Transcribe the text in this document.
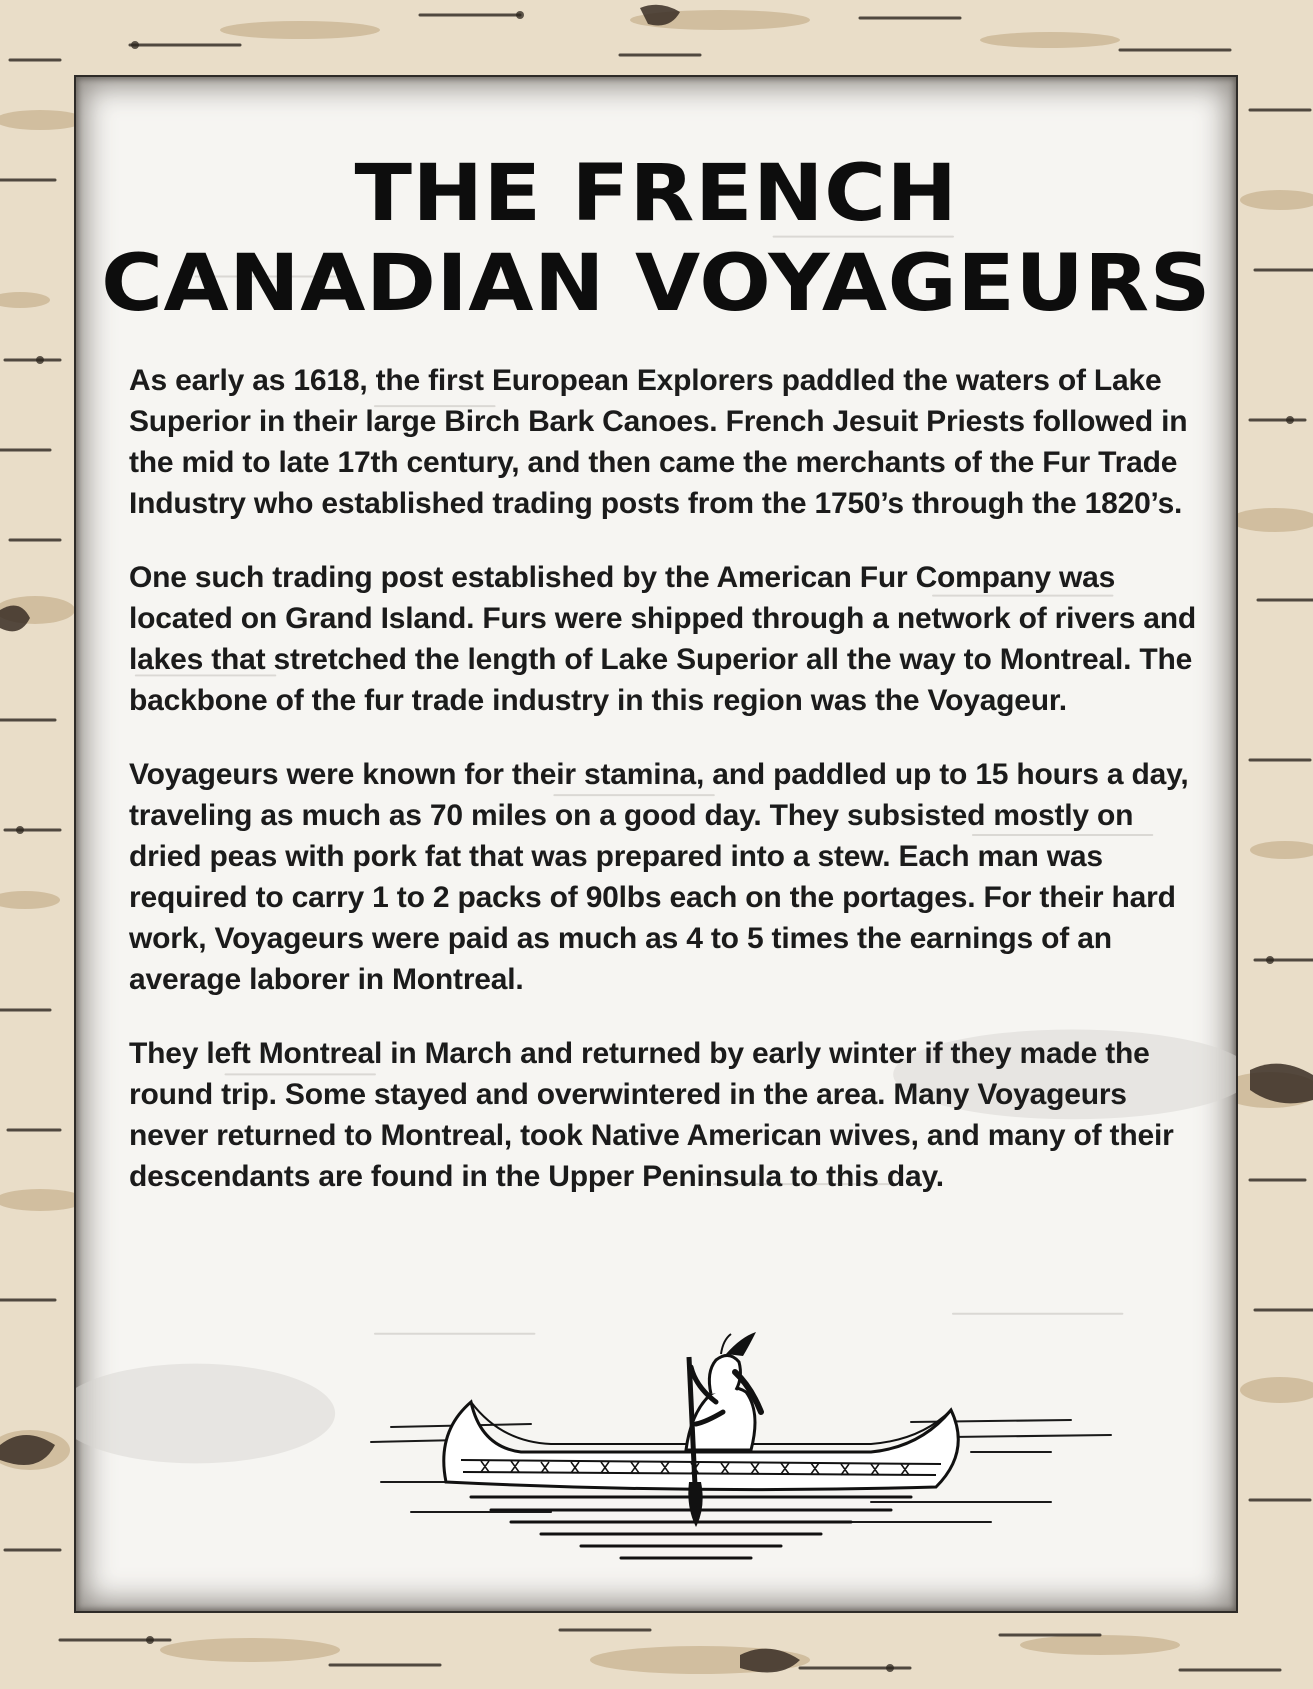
THE FRENCH
CANADIAN VOYAGEURS

As early as 1618, the first European Explorers paddled the waters of Lake Superior in their large Birch Bark Canoes. French Jesuit Priests followed in the mid to late 17th century, and then came the merchants of the Fur Trade Industry who established trading posts from the 1750’s through the 1820’s.

One such trading post established by the American Fur Company was located on Grand Island. Furs were shipped through a network of rivers and lakes that stretched the length of Lake Superior all the way to Montreal. The backbone of the fur trade industry in this region was the Voyageur.

Voyageurs were known for their stamina, and paddled up to 15 hours a day, traveling as much as 70 miles on a good day. They subsisted mostly on dried peas with pork fat that was prepared into a stew. Each man was required to carry 1 to 2 packs of 90lbs each on the portages. For their hard work, Voyageurs were paid as much as 4 to 5 times the earnings of an average laborer in Montreal.

They left Montreal in March and returned by early winter if they made the round trip. Some stayed and overwintered in the area. Many Voyageurs never returned to Montreal, took Native American wives, and many of their descendants are found in the Upper Peninsula to this day.
